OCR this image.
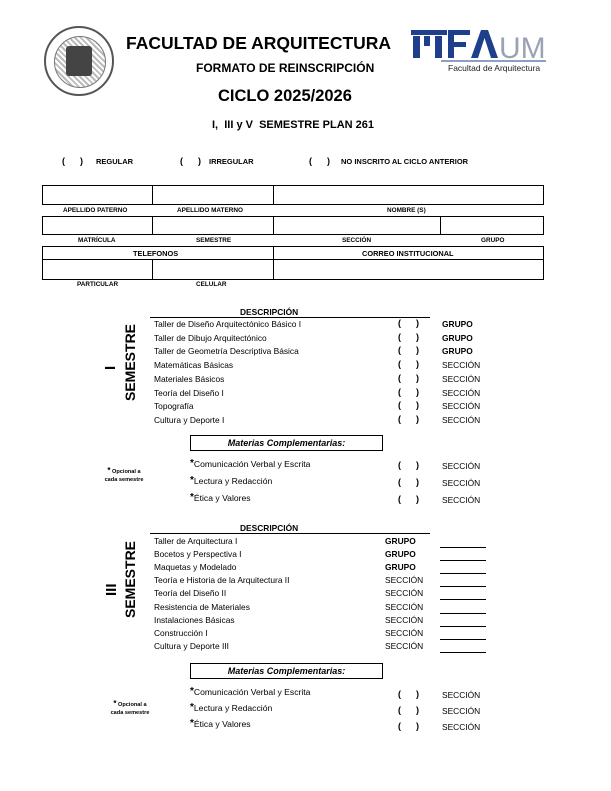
FACULTAD DE ARQUITECTURA
FORMATO DE REINSCRIPCIÓN
CICLO 2025/2026
I,  III y V  SEMESTRE PLAN 261
UM
Facultad de Arquitectura
(      ) REGULAR	(      ) IRREGULAR	(      ) NO INSCRITO AL CICLO ANTERIOR
APELLIDO PATERNO	APELLIDO MATERNO	NOMBRE (S)
MATRÍCULA	SEMESTRE	SECCIÓN	GRUPO
TELEFONOS	CORREO INSTITUCIONAL
PARTICULAR	CELULAR
DESCRIPCIÓN
I SEMESTRE Taller de Diseño Arquitectónico Básico I	(      )	GRUPO
Taller de Dibujo Arquitectónico	(      )	GRUPO
Taller de Geometría Descriptiva Básica	(      )	GRUPO
Matemáticas Básicas	(      )	SECCIÓN
Materiales Básicos	(      )	SECCIÓN
Teoría del Diseño I	(      )	SECCIÓN
Topografía	(      )	SECCIÓN
Cultura y Deporte I	(      )	SECCIÓN
Materias Complementarias:
* Opcional a
cada semestre
*Comunicación Verbal y Escrita	(      )	SECCIÓN
*Lectura y Redacción	(      )	SECCIÓN
*Ética y Valores	(      )	SECCIÓN
DESCRIPCIÓN
III SEMESTRE Taller de Arquitectura I	GRUPO
Bocetos y Perspectiva I	GRUPO
Maquetas y Modelado	GRUPO
Teoría e Historia de la Arquitectura II	SECCIÓN
Teoría del Diseño II	SECCIÓN
Resistencia de Materiales	SECCIÓN
Instalaciones Básicas	SECCIÓN
Construcción I	SECCIÓN
Cultura y Deporte III	SECCIÓN
Materias Complementarias:
* Opcional a
cada semestre
*Comunicación Verbal y Escrita	(      )	SECCIÓN
*Lectura y Redacción	(      )	SECCIÓN
*Ética y Valores	(      )	SECCIÓN
